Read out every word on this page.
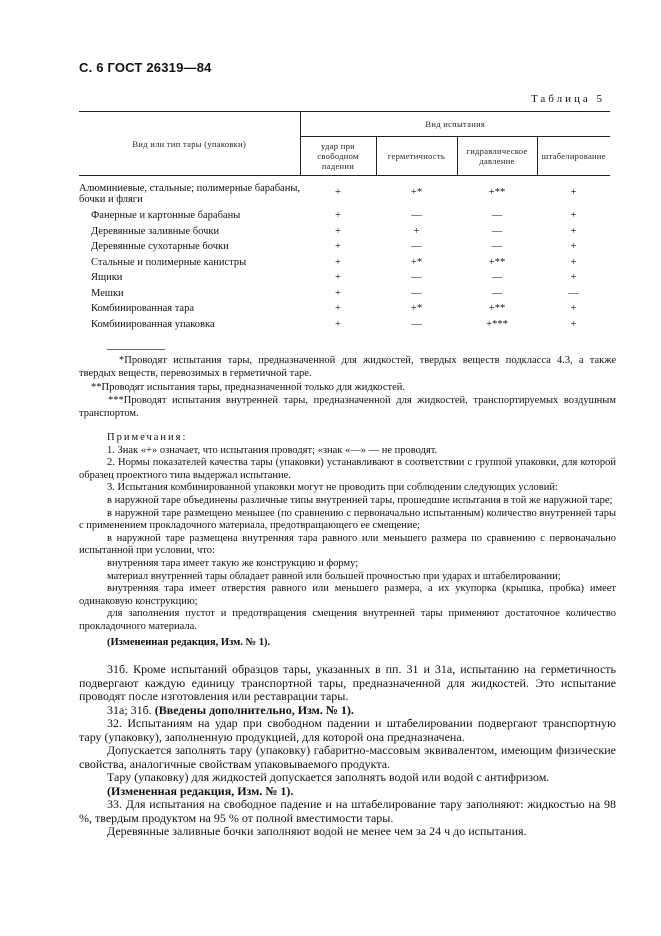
С. 6 ГОСТ 26319—84
Таблица 5
Вид или тип тары (упаковки)	Вид испытания			
	удар при свободном падении	герметичность	гидравлическое давление	штабелирование
Алюминиевые, стальные; полимерные барабаны, бочки и фляги	+	+*	+**	+
Фанерные и картонные барабаны	+	—	—	+
Деревянные заливные бочки	+	+	—	+
Деревянные сухотарные бочки	+	—	—	+
Стальные и полимерные канистры	+	+*	+**	+
Ящики	+	—	—	+
Мешки	+	—	—	—
Комбинированная тара	+	+*	+**	+
Комбинированная упаковка	+	—	+***	+
*Проводят испытания тары, предназначенной для жидкостей, твердых веществ подкласса 4.3, а также твердых веществ, перевозимых в герметичной таре.
**Проводят испытания тары, предназначенной только для жидкостей.
***Проводят испытания внутренней тары, предназначенной для жидкостей, транспортируемых воздушным транспортом.

Примечания:

1. Знак «+» означает, что испытания проводят; «знак «—» — не проводят.

2. Нормы показателей качества тары (упаковки) устанавливают в соответствии с группой упаковки, для которой образец проектного типа выдержал испытание.

3. Испытания комбинированной упаковки могут не проводить при соблюдении следующих условий:

в наружной таре объединены различные типы внутренней тары, прошедшие испытания в той же наружной таре;

в наружной таре размещено меньшее (по сравнению с первоначально испытанным) количество внутренней тары с применением прокладочного материала, предотвращающего ее смещение;

в наружной таре размещена внутренняя тара равного или меньшего размера по сравнению с первоначально испытанной при условии, что:

внутренняя тара имеет такую же конструкцию и форму;

материал внутренней тары обладает равной или большей прочностью при ударах и штабелировании;

внутренняя тара имеет отверстия равного или меньшего размера, а их укупорка (крышка, пробка) имеет одинаковую конструкцию;

для заполнения пустот и предотвращения смещения внутренней тары применяют достаточное количество прокладочного материала.

(Измененная редакция, Изм. № 1).

31б. Кроме испытаний образцов тары, указанных в пп. 31 и 31а, испытанию на герметичность подвергают каждую единицу транспортной тары, предназначенной для жидкостей. Это испытание проводят после изготовления или реставрации тары.

31а; 31б. (Введены дополнительно, Изм. № 1).

32. Испытаниям на удар при свободном падении и штабелировании подвергают транспортную тару (упаковку), заполненную продукцией, для которой она предназначена.

Допускается заполнять тару (упаковку) габаритно-массовым эквивалентом, имеющим физические свойства, аналогичные свойствам упаковываемого продукта.

Тару (упаковку) для жидкостей допускается заполнять водой или водой с антифризом.

(Измененная редакция, Изм. № 1).

33. Для испытания на свободное падение и на штабелирование тару заполняют: жидкостью на 98 %, твердым продуктом на 95 % от полной вместимости тары.

Деревянные заливные бочки заполняют водой не менее чем за 24 ч до испытания.
